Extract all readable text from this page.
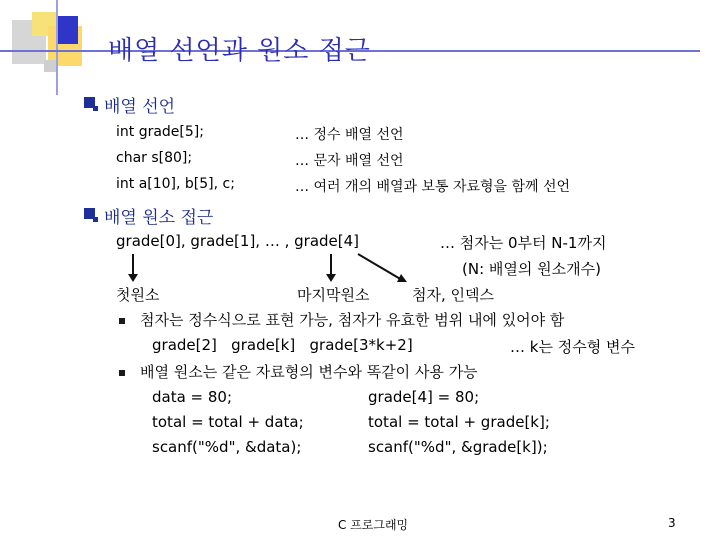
배열 선언과 원소 접근
배열 선언
int grade[5];	… 정수 배열 선언
char s[80];	… 문자 배열 선언
int a[10], b[5], c;	… 여러 개의 배열과 보통 자료형을 함께 선언
배열 원소 접근
grade[0], grade[1], … , grade[4]	… 첨자는 0부터 N-1까지
(N: 배열의 원소개수)
첫원소	마지막원소	첨자, 인덱스
첨자는 정수식으로 표현 가능, 첨자가 유효한 범위 내에 있어야 함
grade[2]   grade[k]   grade[3*k+2]	… k는 정수형 변수
배열 원소는 같은 자료형의 변수와 똑같이 사용 가능
data = 80;	grade[4] = 80;
total = total + data;	total = total + grade[k];
scanf("%d", &data);	scanf("%d", &grade[k]);
C 프로그래밍	3
